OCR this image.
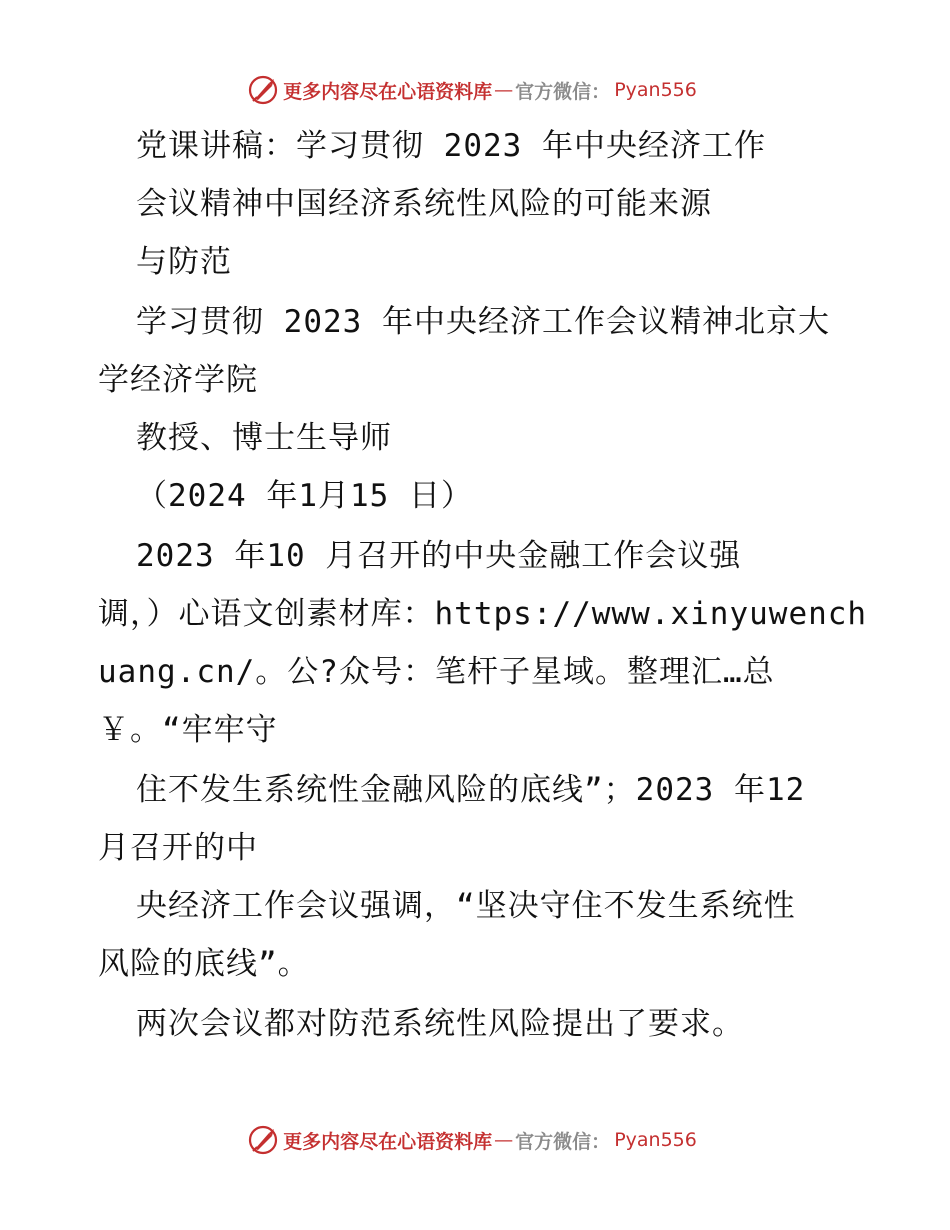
更多内容尽在心语资料库 — 官方微信： Pyan556
党课讲稿：学习贯彻 2023 年中央经济工作
会议精神中国经济系统性风险的可能来源
与防范
学习贯彻 2023 年中央经济工作会议精神北京大
学经济学院
教授、博士生导师
（2024 年1月15 日）
2023 年10 月召开的中央金融工作会议强
调，）心语文创素材库：https://www.xinyuwench
uang.cn/。公?众号：笔杆子星域。整理汇…总
￥。“牢牢守
住不发生系统性金融风险的底线”；2023 年12
月召开的中
央经济工作会议强调，“坚决守住不发生系统性
风险的底线”。
两次会议都对防范系统性风险提出了要求。
更多内容尽在心语资料库 — 官方微信： Pyan556
